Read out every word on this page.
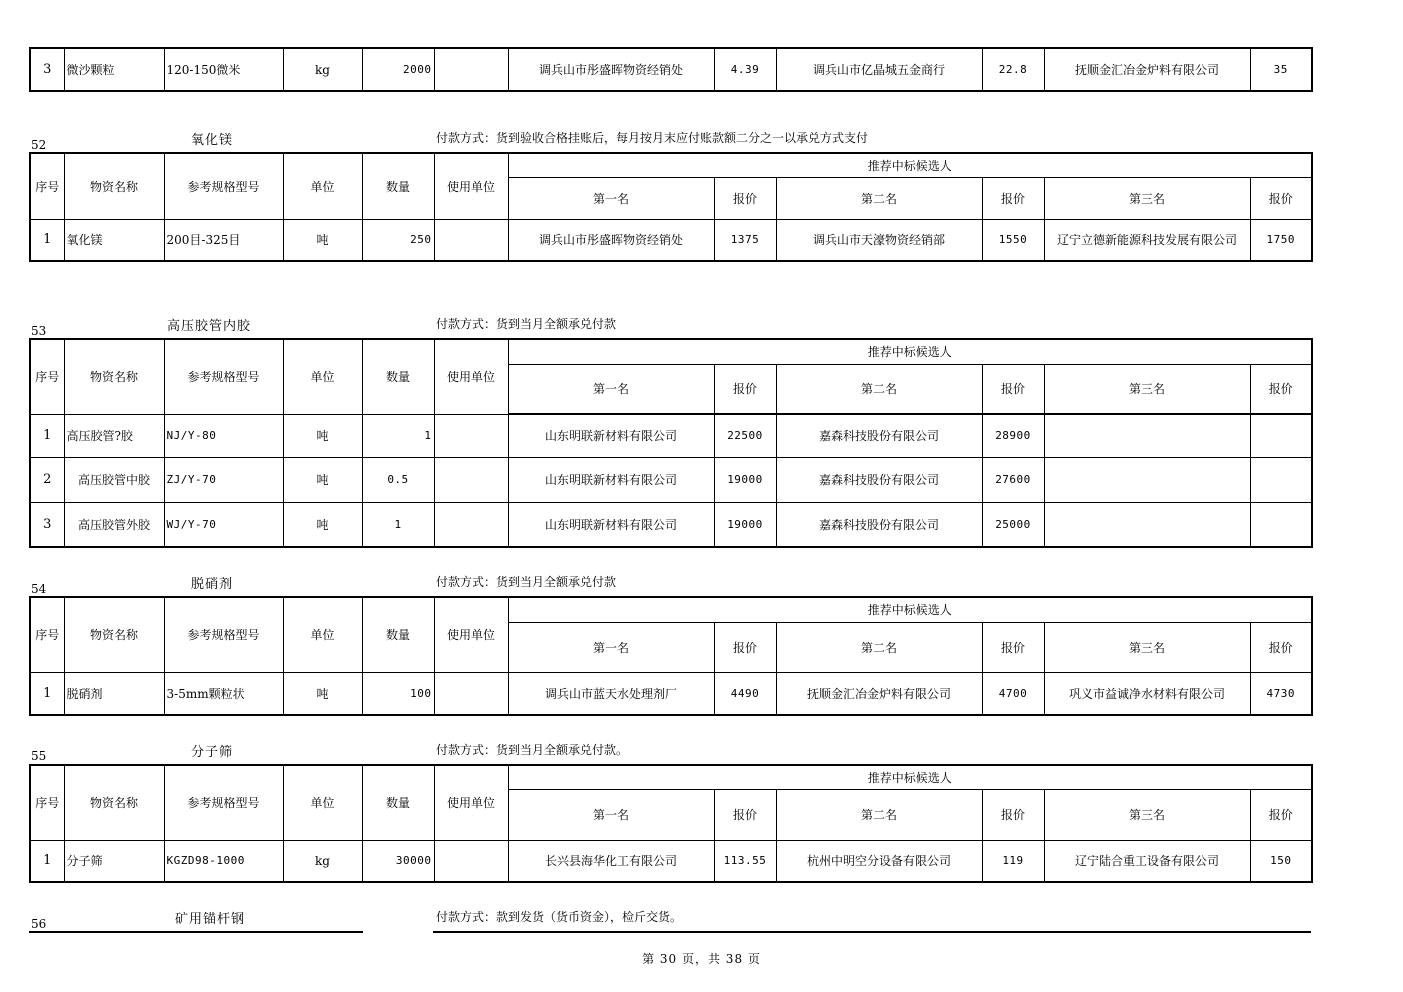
3	微沙颗粒	120-150微米	kg	2000		调兵山市彤盛晖物资经销处	4.39	调兵山市亿晶城五金商行	22.8	抚顺金汇冶金炉料有限公司	35
52	氧化镁	付款方式：货到验收合格挂账后，每月按月末应付账款额二分之一以承兑方式支付
序号	物资名称	参考规格型号	单位	数量	使用单位	推荐中标候选人					
						第一名	报价	第二名	报价	第三名	报价
1	氧化镁	200目-325目	吨	250		调兵山市彤盛晖物资经销处	1375	调兵山市天濠物资经销部	1550	辽宁立德新能源科技发展有限公司	1750
53	高压胶管内胶	付款方式：货到当月全额承兑付款
序号	物资名称	参考规格型号	单位	数量	使用单位	推荐中标候选人					
						第一名	报价	第二名	报价	第三名	报价
1	高压胶管?胶	NJ/Y-80	吨	1		山东明联新材料有限公司	22500	嘉森科技股份有限公司	28900		
2	高压胶管中胶	ZJ/Y-70	吨	0.5		山东明联新材料有限公司	19000	嘉森科技股份有限公司	27600		
3	高压胶管外胶	WJ/Y-70	吨	1		山东明联新材料有限公司	19000	嘉森科技股份有限公司	25000		
54	脱硝剂	付款方式：货到当月全额承兑付款
序号	物资名称	参考规格型号	单位	数量	使用单位	推荐中标候选人					
						第一名	报价	第二名	报价	第三名	报价
1	脱硝剂	3-5mm颗粒状	吨	100		调兵山市蓝天水处理剂厂	4490	抚顺金汇冶金炉料有限公司	4700	巩义市益诚净水材料有限公司	4730
55	分子筛	付款方式：货到当月全额承兑付款。
序号	物资名称	参考规格型号	单位	数量	使用单位	推荐中标候选人					
						第一名	报价	第二名	报价	第三名	报价
1	分子筛	KGZD98-1000	kg	30000		长兴县海华化工有限公司	113.55	杭州中明空分设备有限公司	119	辽宁陆合重工设备有限公司	150
56	矿用锚杆钢	付款方式：款到发货（货币资金），检斤交货。
第 30 页，共 38 页
